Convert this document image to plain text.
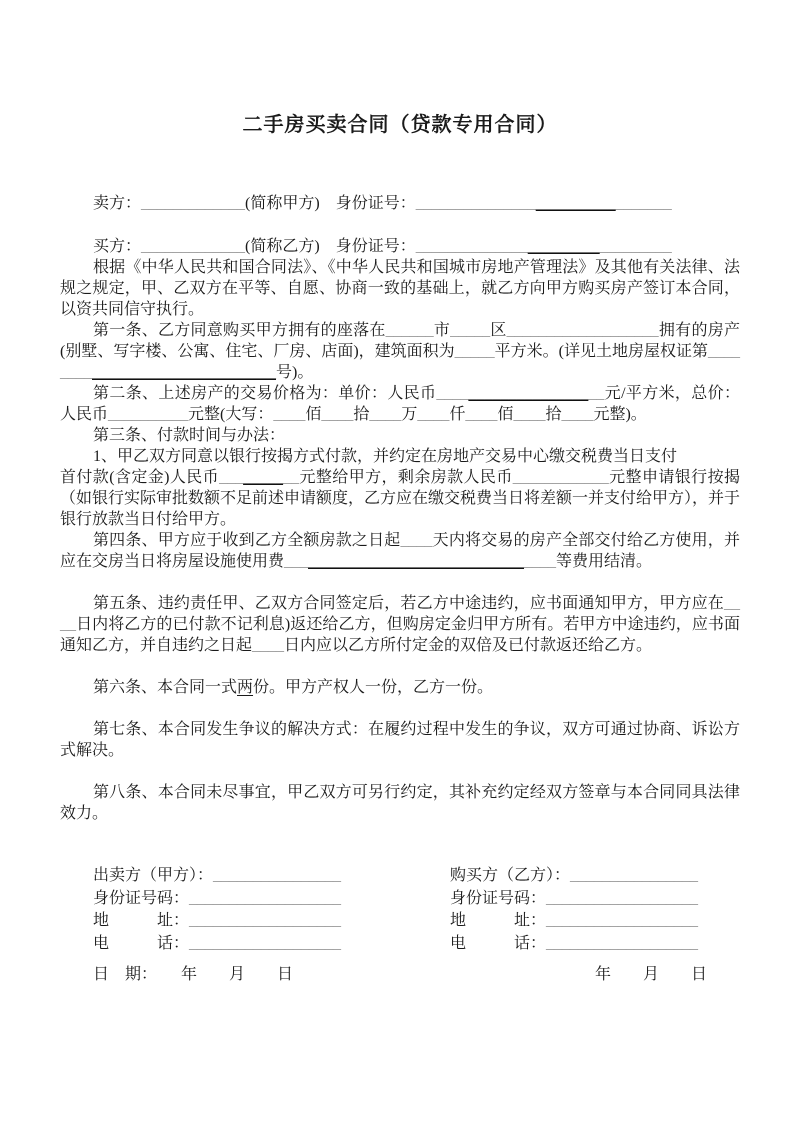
二手房买卖合同（贷款专用合同）
卖方：_____________(简称甲方)　 身份证号：________________________________
买方：_____________(简称乙方)　 身份证号：________________________________
根据《中华人民共和国合同法》、《中华人民共和国城市房地产管理法》及其他有关法律、法规之规定，甲、乙双方在平等、自愿、协商一致的基础上，就乙方向甲方购买房产签订本合同，以资共同信守执行。
第一条、乙方同意购买甲方拥有的座落在______市_____区___________________拥有的房产(别墅、写字楼、公寓、住宅、厂房、店面)，建筑面积为_____平方米。(详见土地房屋权证第_______________________________号)。
第二条、上述房产的交易价格为：单价：人民币_____________________元/平方米，总价：人民币__________元整(大写：____佰____拾____万____仟____佰____拾____元整)。
第三条、付款时间与办法：
1、甲乙双方同意以银行按揭方式付款，并约定在房地产交易中心缴交税费当日支付
首付款(含定金)人民币__________元整给甲方，剩余房款人民币____________元整申请银行按揭（如银行实际审批数额不足前述申请额度，乙方应在缴交税费当日将差额一并支付给甲方），并于银行放款当日付给甲方。
第四条、甲方应于收到乙方全额房款之日起____天内将交易的房产全部交付给乙方使用，并应在交房当日将房屋设施使用费__________________________________等费用结清。
第五条、违约责任甲、乙双方合同签定后，若乙方中途违约，应书面通知甲方，甲方应在____日内将乙方的已付款不记利息)返还给乙方，但购房定金归甲方所有。若甲方中途违约，应书面通知乙方，并自违约之日起____日内应以乙方所付定金的双倍及已付款返还给乙方。
第六条、本合同一式两份。甲方产权人一份，乙方一份。
第七条、本合同发生争议的解决方式：在履约过程中发生的争议，双方可通过协商、诉讼方式解决。
第八条、本合同未尽事宜，甲乙双方可另行约定，其补充约定经双方签章与本合同同具法律效力。
出卖方（甲方）：________________
身份证号码：___________________
地　　　址：___________________
电　　　话：___________________
购买方（乙方）：________________
身份证号码：___________________
地　　　址：___________________
电　　　话：___________________
日　期：　　年　　月　　日	年　　月　　日
